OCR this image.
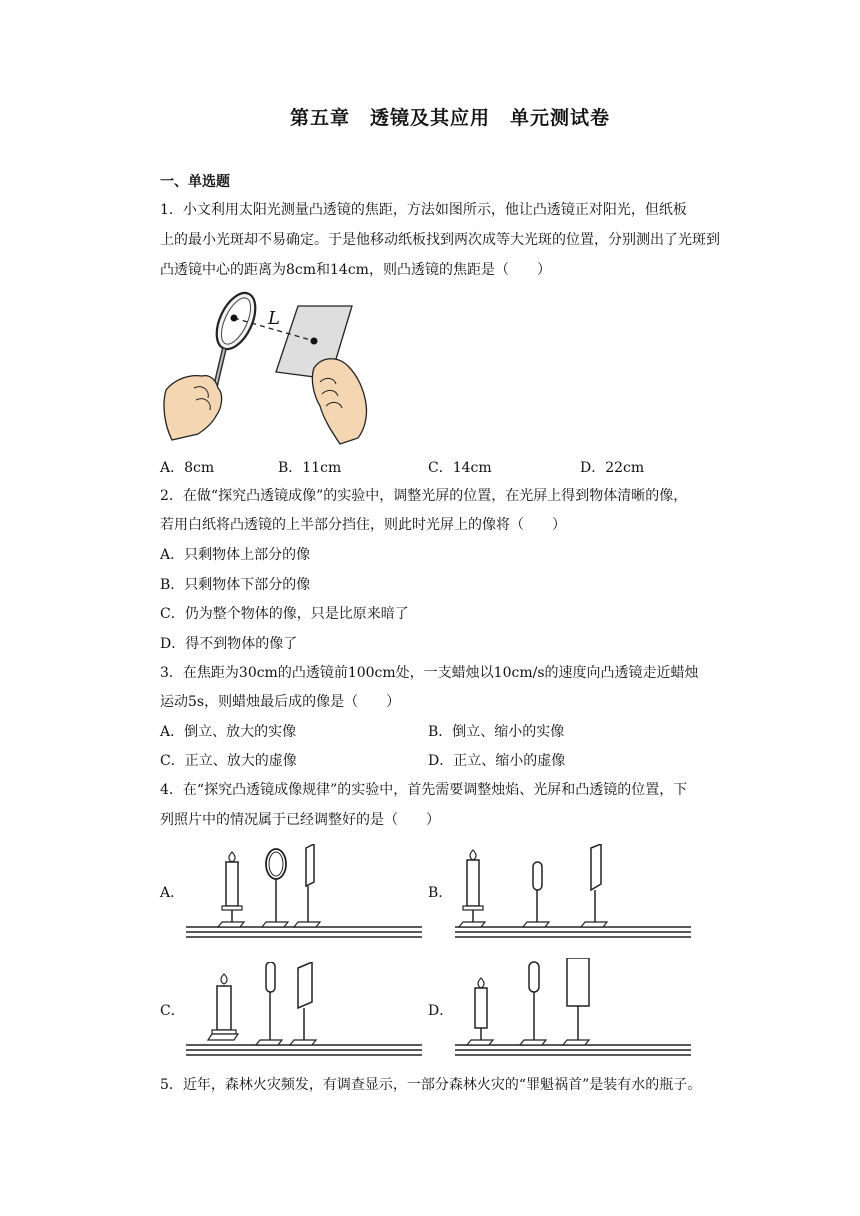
第五章　透镜及其应用　单元测试卷
一、单选题
1．小文利用太阳光测量凸透镜的焦距，方法如图所示，他让凸透镜正对阳光，但纸板
上的最小光斑却不易确定。于是他移动纸板找到两次成等大光斑的位置，分别测出了光斑到
凸透镜中心的距离为8cm和14cm，则凸透镜的焦距是（　　）
L
A．8cm	B．11cm	C．14cm	D．22cm
2．在做“探究凸透镜成像”的实验中，调整光屏的位置，在光屏上得到物体清晰的像，
若用白纸将凸透镜的上半部分挡住，则此时光屏上的像将（　　）
A．只剩物体上部分的像
B．只剩物体下部分的像
C．仍为整个物体的像，只是比原来暗了
D．得不到物体的像了
3．在焦距为30cm的凸透镜前100cm处，一支蜡烛以10cm/s的速度向凸透镜走近蜡烛
运动5s，则蜡烛最后成的像是（　　）
A．倒立、放大的实像	B．倒立、缩小的实像
C．正立、放大的虚像	D．正立、缩小的虚像
4．在“探究凸透镜成像规律”的实验中，首先需要调整烛焰、光屏和凸透镜的位置，下
列照片中的情况属于已经调整好的是（　　）
A．	B．
C．	D．
5．近年，森林火灾频发，有调查显示，一部分森林火灾的“罪魁祸首”是装有水的瓶子。
